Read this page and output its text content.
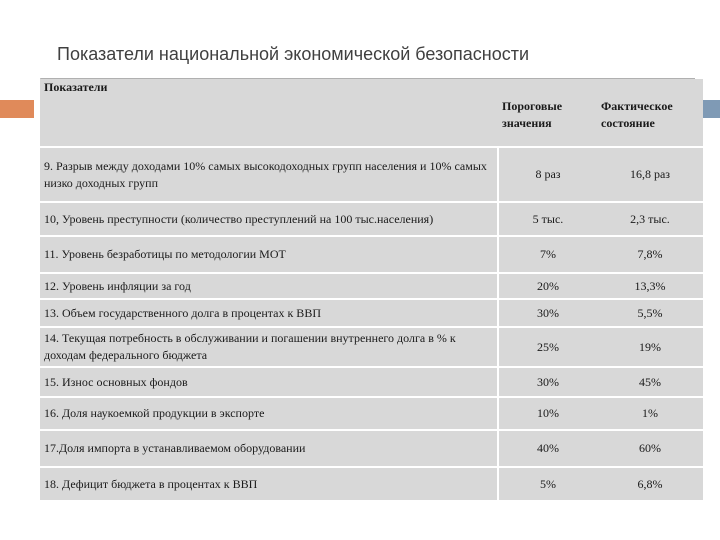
Показатели национальной экономической безопасности
Показатели	Пороговые значения	Фактическое состояние
9. Разрыв между доходами 10% самых высокодоходных групп населения и 10% самых низко доходных групп	8 раз	16,8 раз
10, Уровень преступности (количество преступлений на 100 тыс.населения)	5 тыс.	2,3 тыс.
11. Уровень безработицы по методологии МОТ	7%	7,8%
12. Уровень инфляции за год	20%	13,3%
13. Объем государственного долга в процентах к ВВП	30%	5,5%
14. Текущая потребность в обслуживании и погашении внутреннего долга в % к доходам федерального бюджета	25%	19%
15. Износ основных фондов	30%	45%
16. Доля наукоемкой продукции в экспорте	10%	1%
17.Доля импорта в устанавливаемом оборудовании	40%	60%
18. Дефицит бюджета в процентах к ВВП	5%	6,8%
